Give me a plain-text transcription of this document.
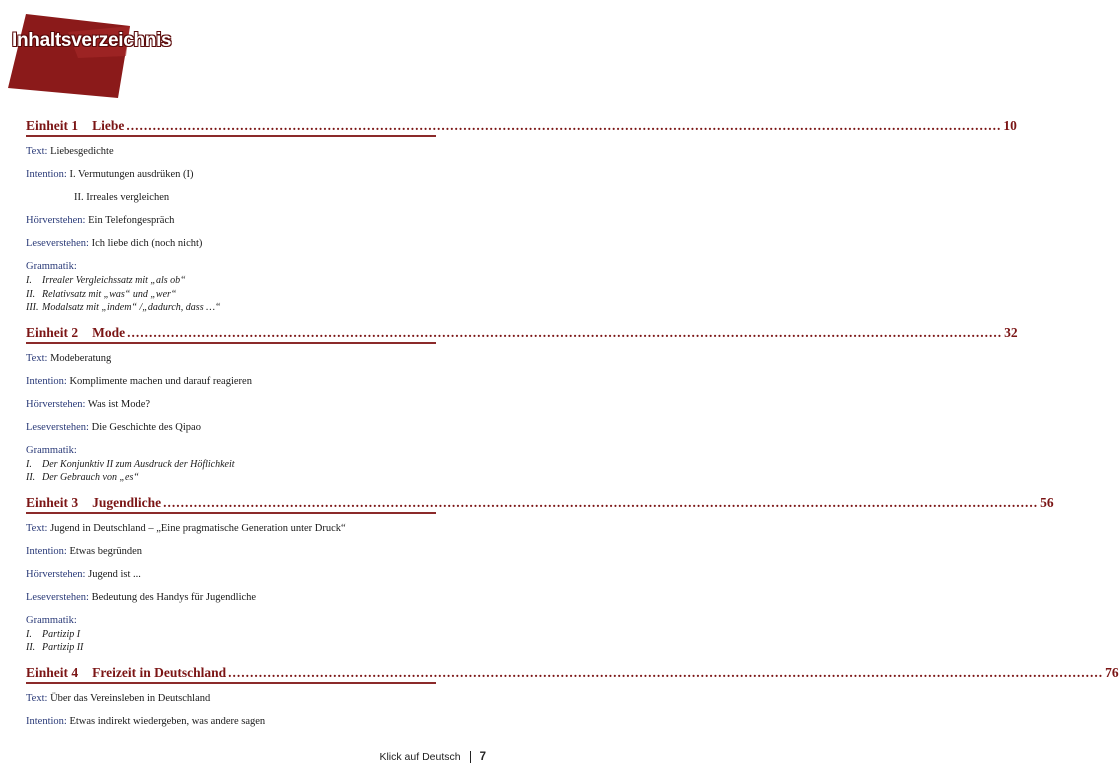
Inhaltsverzeichnis
Einheit 1 Liebe ........................................................................................................................................................................................................ 10
Text: Liebesgedichte
Intention: I. Vermutungen ausdrüken (I)
II. Irreales vergleichen
Hörverstehen: Ein Telefongespräch
Leseverstehen: Ich liebe dich (noch nicht)
Grammatik:
I. Irrealer Vergleichssatz mit „als ob“
II. Relativsatz mit „was“ und „wer“
III. Modalsatz mit „indem“ /„dadurch, dass …“
Einheit 2 Mode ........................................................................................................................................................................................................ 32
Text: Modeberatung
Intention: Komplimente machen und darauf reagieren
Hörverstehen: Was ist Mode?
Leseverstehen: Die Geschichte des Qipao
Grammatik:
I. Der Konjunktiv II zum Ausdruck der Höflichkeit
II. Der Gebrauch von „es“
Einheit 3 Jugendliche ........................................................................................................................................................................................................ 56
Text: Jugend in Deutschland – „Eine pragmatische Generation unter Druck“
Intention: Etwas begründen
Hörverstehen: Jugend ist ...
Leseverstehen: Bedeutung des Handys für Jugendliche
Grammatik:
I. Partizip I
II. Partizip II
Einheit 4 Freizeit in Deutschland ........................................................................................................................................................................................................ 76
Text: Über das Vereinsleben in Deutschland
Intention: Etwas indirekt wiedergeben, was andere sagen
Klick auf Deutsch 7
